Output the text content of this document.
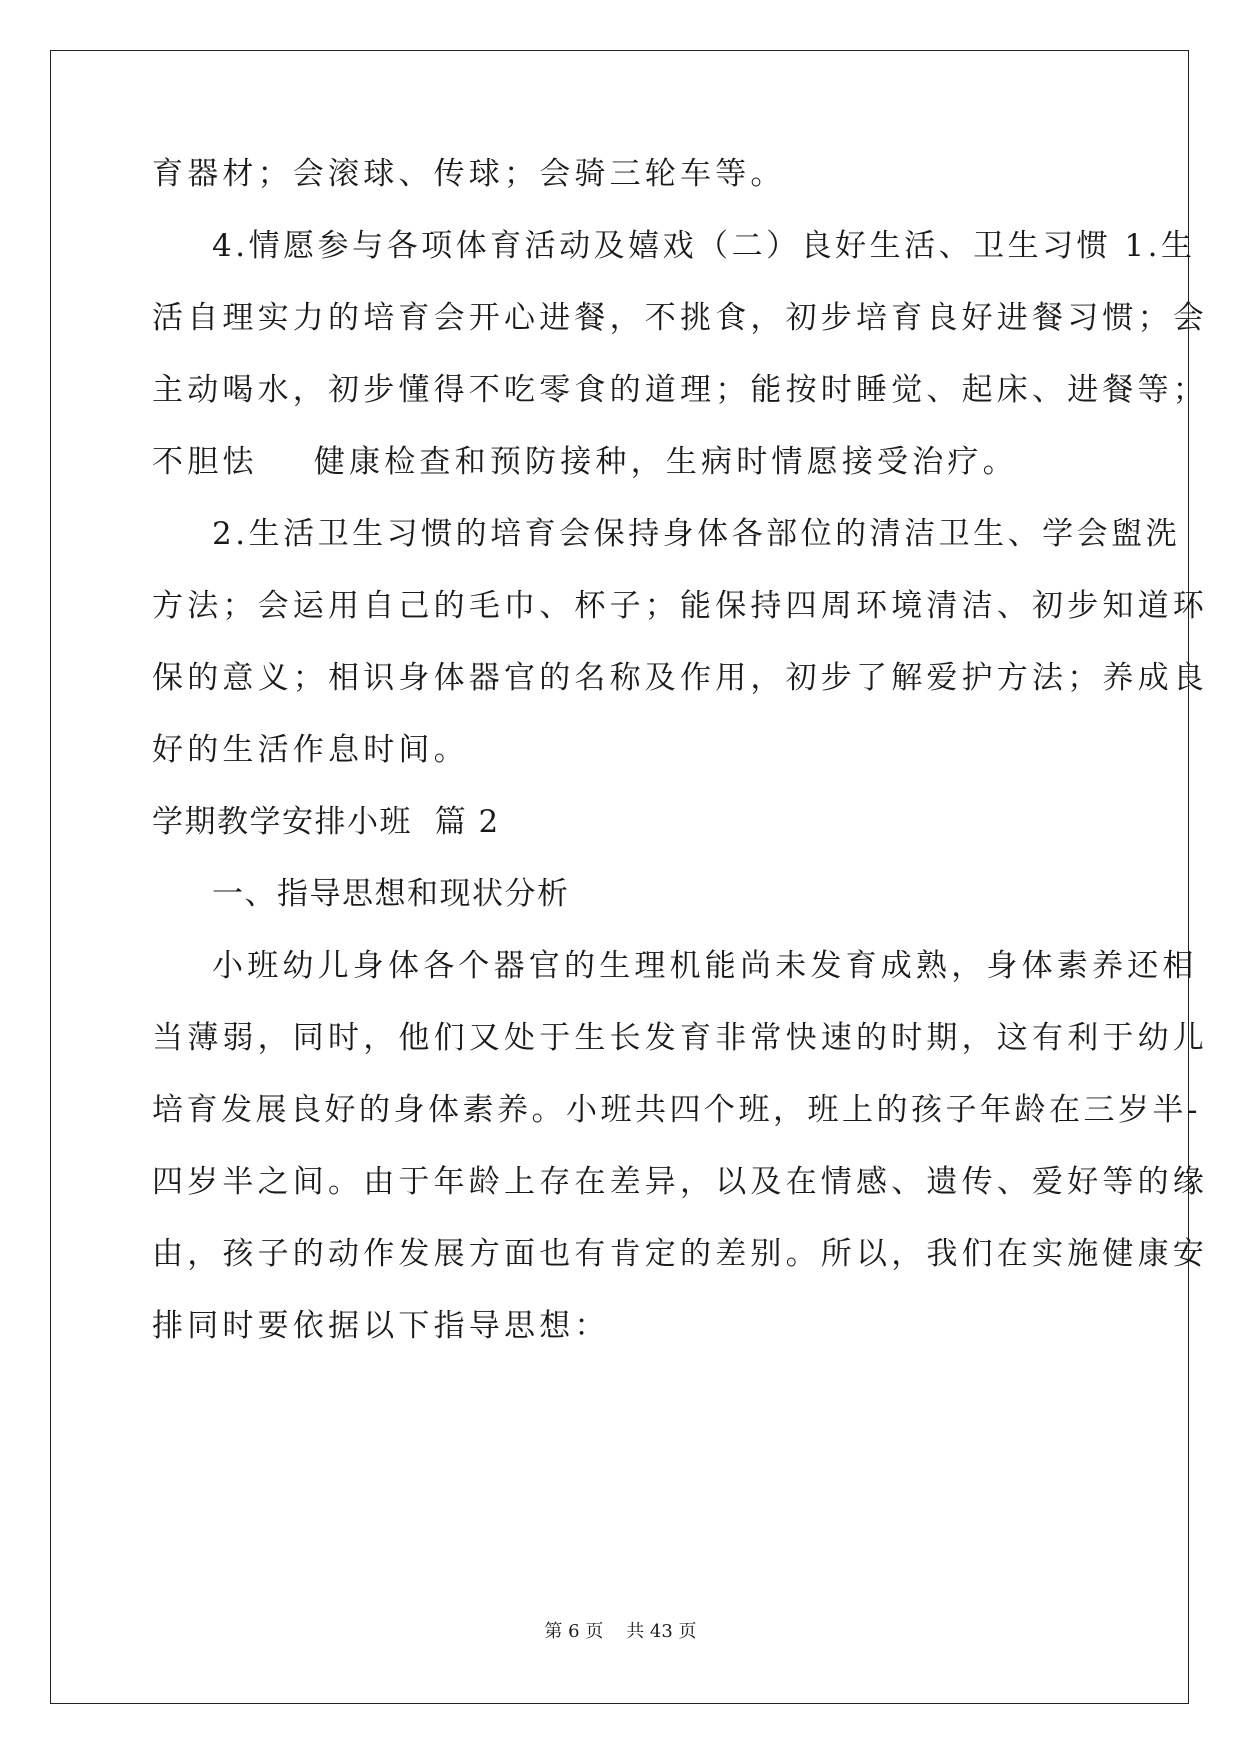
育器材；会滚球、传球；会骑三轮车等。
4.情愿参与各项体育活动及嬉戏（二）良好生活、卫生习惯 1.生
活自理实力的培育会开心进餐，不挑食，初步培育良好进餐习惯；会
主动喝水，初步懂得不吃零食的道理；能按时睡觉、起床、进餐等；
不胆怯    健康检查和预防接种，生病时情愿接受治疗。
2.生活卫生习惯的培育会保持身体各部位的清洁卫生、学会盥洗
方法；会运用自己的毛巾、杯子；能保持四周环境清洁、初步知道环
保的意义；相识身体器官的名称及作用，初步了解爱护方法；养成良
好的生活作息时间。
学期教学安排小班  篇 2
一、指导思想和现状分析
小班幼儿身体各个器官的生理机能尚未发育成熟，身体素养还相
当薄弱，同时，他们又处于生长发育非常快速的时期，这有利于幼儿
培育发展良好的身体素养。小班共四个班，班上的孩子年龄在三岁半-
四岁半之间。由于年龄上存在差异，以及在情感、遗传、爱好等的缘
由，孩子的动作发展方面也有肯定的差别。所以，我们在实施健康安
排同时要依据以下指导思想：
第 6 页    共 43 页
